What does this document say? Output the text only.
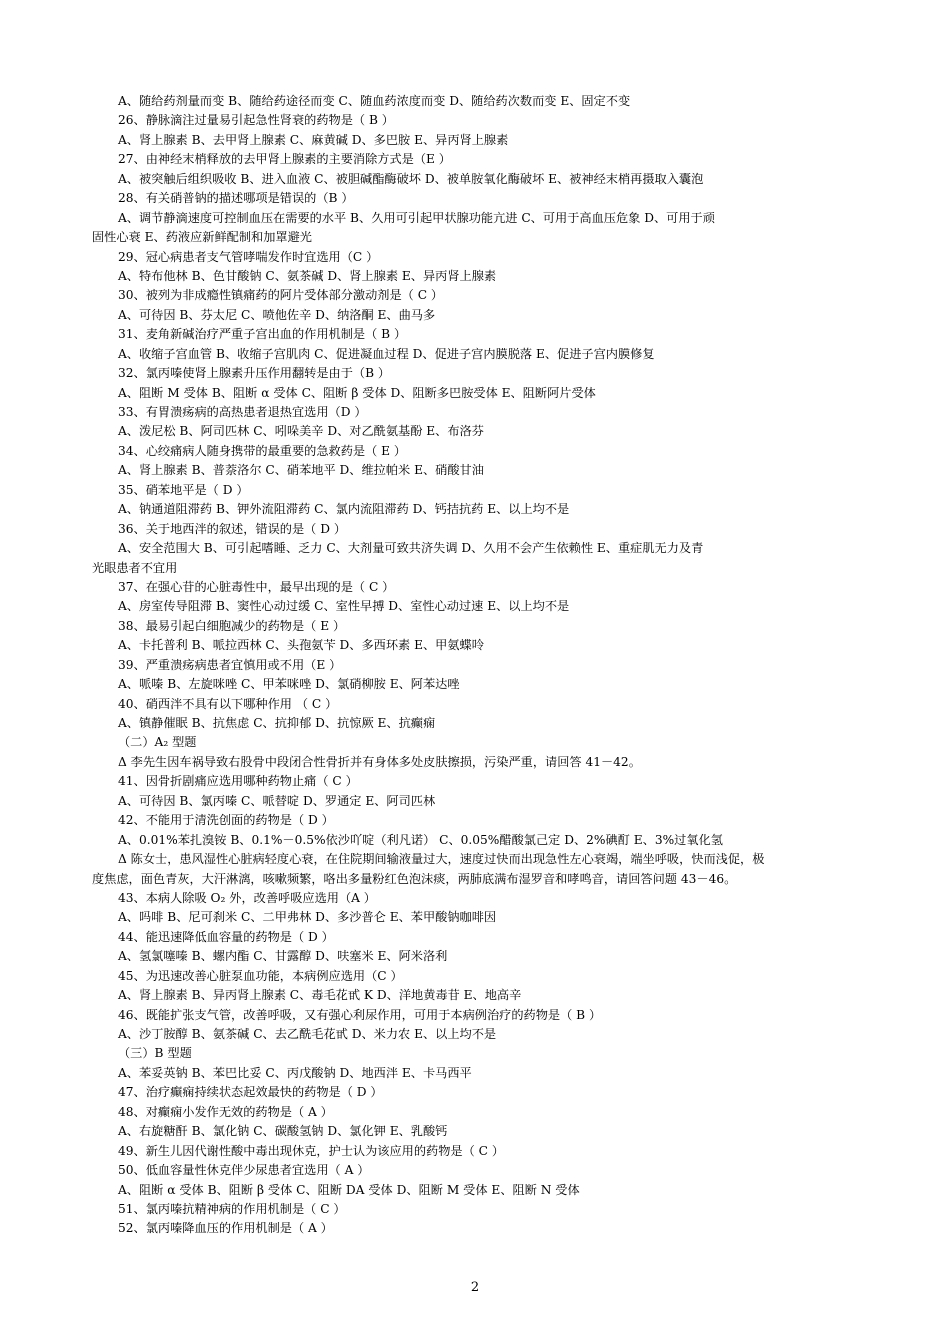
A、随给药剂量而变 B、随给药途径而变 C、随血药浓度而变 D、随给药次数而变 E、固定不变
26、静脉滴注过量易引起急性肾衰的药物是（ B ）
A、肾上腺素 B、去甲肾上腺素 C、麻黄碱 D、多巴胺 E、异丙肾上腺素
27、由神经末梢释放的去甲肾上腺素的主要消除方式是（E ）
A、被突触后组织吸收 B、进入血液 C、被胆碱酯酶破坏 D、被单胺氧化酶破坏 E、被神经末梢再摄取入囊泡
28、有关硝普钠的描述哪项是错误的（B ）
A、调节静滴速度可控制血压在需要的水平 B、久用可引起甲状腺功能亢进 C、可用于高血压危象 D、可用于顽
固性心衰 E、药液应新鲜配制和加罩避光
29、冠心病患者支气管哮喘发作时宜选用（C ）
A、特布他林 B、色甘酸钠 C、氨茶碱 D、肾上腺素 E、异丙肾上腺素
30、被列为非成瘾性镇痛药的阿片受体部分激动剂是（ C ）
A、可待因 B、芬太尼 C、喷他佐辛 D、纳洛酮 E、曲马多
31、麦角新碱治疗严重子宫出血的作用机制是（ B ）
A、收缩子宫血管 B、收缩子宫肌肉 C、促进凝血过程 D、促进子宫内膜脱落 E、促进子宫内膜修复
32、氯丙嗪使肾上腺素升压作用翻转是由于（B ）
A、阻断 M 受体 B、阻断 α 受体 C、阻断 β 受体 D、阻断多巴胺受体 E、阻断阿片受体
33、有胃溃疡病的高热患者退热宜选用（D ）
A、泼尼松 B、阿司匹林 C、吲哚美辛 D、对乙酰氨基酚 E、布洛芬
34、心绞痛病人随身携带的最重要的急救药是（ E ）
A、肾上腺素 B、普萘洛尔 C、硝苯地平 D、维拉帕米 E、硝酸甘油
35、硝苯地平是（ D ）
A、钠通道阻滞药 B、钾外流阻滞药 C、氯内流阻滞药 D、钙拮抗药 E、以上均不是
36、关于地西泮的叙述，错误的是（ D ）
A、安全范围大 B、可引起嗜睡、乏力 C、大剂量可致共济失调 D、久用不会产生依赖性 E、重症肌无力及青
光眼患者不宜用
37、在强心苷的心脏毒性中，最早出现的是（ C ）
A、房室传导阻滞 B、窦性心动过缓 C、室性早搏 D、室性心动过速 E、以上均不是
38、最易引起白细胞减少的药物是（ E ）
A、卡托普利 B、哌拉西林 C、头孢氨苄 D、多西环素 E、甲氨蝶呤
39、严重溃疡病患者宜慎用或不用（E ）
A、哌嗪 B、左旋咪唑 C、甲苯咪唑 D、氯硝柳胺 E、阿苯达唑
40、硝西泮不具有以下哪种作用 （ C ）
A、镇静催眠 B、抗焦虑 C、抗抑郁 D、抗惊厥 E、抗癫痫
（二）A₂ 型题
Δ 李先生因车祸导致右股骨中段闭合性骨折并有身体多处皮肤擦损，污染严重，请回答 41－42。
41、因骨折剧痛应选用哪种药物止痛（ C ）
A、可待因 B、氯丙嗪 C、哌替啶 D、罗通定 E、阿司匹林
42、不能用于清洗创面的药物是（ D ）
A、0.01%苯扎溴铵 B、0.1%－0.5%依沙吖啶（利凡诺） C、0.05%醋酸氯己定 D、2%碘酊 E、3%过氧化氢
Δ 陈女士，患风湿性心脏病轻度心衰，在住院期间输液量过大，速度过快而出现急性左心衰竭，端坐呼吸，快而浅促，极
度焦虑，面色青灰，大汗淋漓，咳嗽频繁，咯出多量粉红色泡沫痰，两肺底满布湿罗音和哮鸣音，请回答问题 43－46。
43、本病人除吸 O₂ 外，改善呼吸应选用（A ）
A、吗啡 B、尼可刹米 C、二甲弗林 D、多沙普仑 E、苯甲酸钠咖啡因
44、能迅速降低血容量的药物是（ D ）
A、氢氯噻嗪 B、螺内酯 C、甘露醇 D、呋塞米 E、阿米洛利
45、为迅速改善心脏泵血功能，本病例应选用（C ）
A、肾上腺素 B、异丙肾上腺素 C、毒毛花甙 K D、洋地黄毒苷 E、地高辛
46、既能扩张支气管，改善呼吸，又有强心利尿作用，可用于本病例治疗的药物是（ B ）
A、沙丁胺醇 B、氨茶碱 C、去乙酰毛花甙 D、米力农 E、以上均不是
（三）B 型题
A、苯妥英钠 B、苯巴比妥 C、丙戊酸钠 D、地西泮 E、卡马西平
47、治疗癫痫持续状态起效最快的药物是（ D ）
48、对癫痫小发作无效的药物是（ A ）
A、右旋糖酐 B、氯化钠 C、碳酸氢钠 D、氯化钾 E、乳酸钙
49、新生儿因代谢性酸中毒出现休克，护士认为该应用的药物是（ C ）
50、低血容量性休克伴少尿患者宜选用（ A ）
A、阻断 α 受体 B、阻断 β 受体 C、阻断 DA 受体 D、阻断 M 受体 E、阻断 N 受体
51、氯丙嗪抗精神病的作用机制是（ C ）
52、氯丙嗪降血压的作用机制是（ A ）
2
